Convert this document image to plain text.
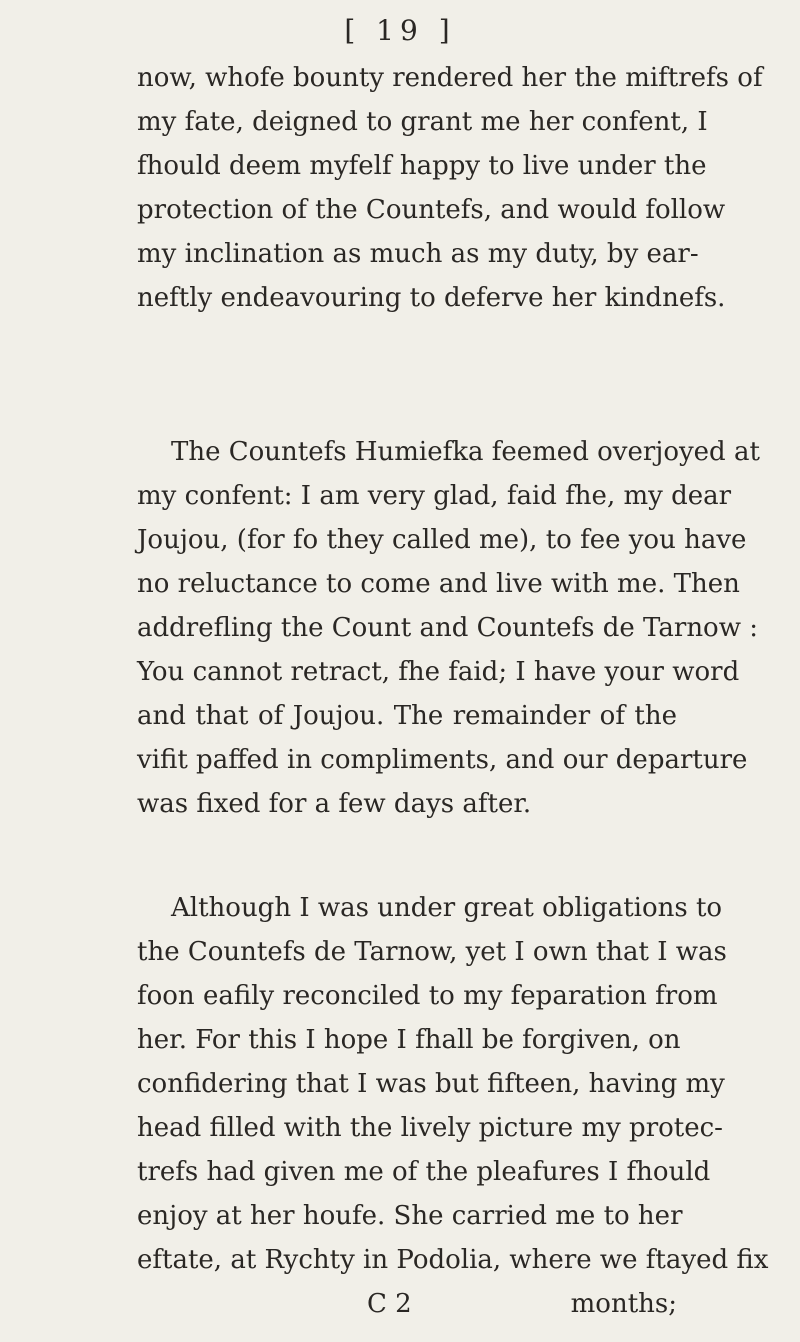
[ 19 ]
now, whofe bounty rendered her the miftrefs of
my fate, deigned to grant me her confent, I
fhould deem myfelf happy to live under the
protection of the Countefs, and would follow
my inclination as much as my duty, by ear-
neftly endeavouring to deferve her kindnefs.
The Countefs Humiefka feemed overjoyed at
my confent: I am very glad, faid fhe, my dear
Joujou, (for fo they called me), to fee you have
no reluctance to come and live with me. Then
addrefling the Count and Countefs de Tarnow :
You cannot retract, fhe faid; I have your word
and that of Joujou. The remainder of the
vifit paffed in compliments, and our departure
was fixed for a few days after.
Although I was under great obligations to
the Countefs de Tarnow, yet I own that I was
foon eafily reconciled to my feparation from
her. For this I hope I fhall be forgiven, on
confidering that I was but fifteen, having my
head filled with the lively picture my protec-
trefs had given me of the pleafures I fhould
enjoy at her houfe. She carried me to her
eftate, at Rychty in Podolia, where we ftayed fix
C 2	months;
